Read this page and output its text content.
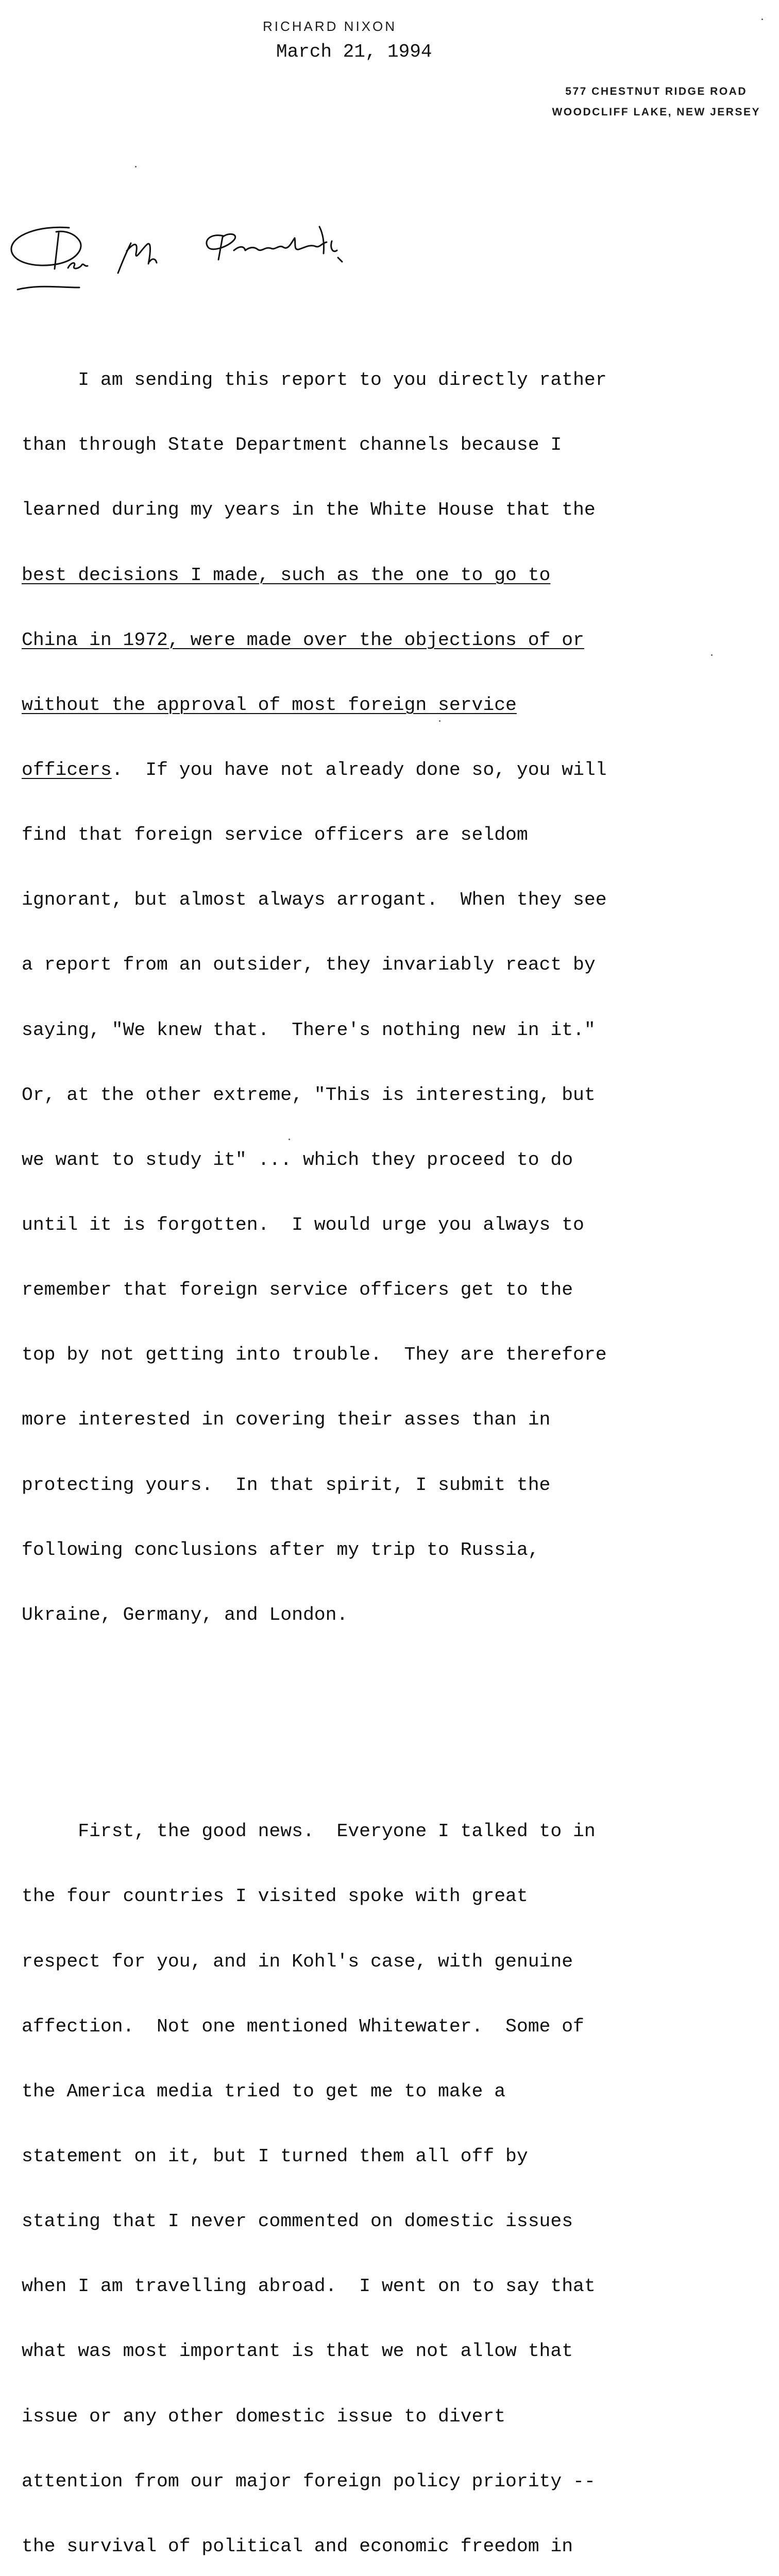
RICHARD NIXON
March 21, 1994
577 CHESTNUT RIDGE ROAD
WOODCLIFF LAKE, NEW JERSEY

I am sending this report to you directly rather

than through State Department channels because I

learned during my years in the White House that the

best decisions I made, such as the one to go to

China in 1972, were made over the objections of or

without the approval of most foreign service

officers.  If you have not already done so, you will

find that foreign service officers are seldom

ignorant, but almost always arrogant.  When they see

a report from an outsider, they invariably react by

saying, "We knew that.  There's nothing new in it."

Or, at the other extreme, "This is interesting, but

we want to study it" ... which they proceed to do

until it is forgotten.  I would urge you always to

remember that foreign service officers get to the

top by not getting into trouble.  They are therefore

more interested in covering their asses than in

protecting yours.  In that spirit, I submit the

following conclusions after my trip to Russia,

Ukraine, Germany, and London.

First, the good news.  Everyone I talked to in

the four countries I visited spoke with great

respect for you, and in Kohl's case, with genuine

affection.  Not one mentioned Whitewater.  Some of

the America media tried to get me to make a

statement on it, but I turned them all off by

stating that I never commented on domestic issues

when I am travelling abroad.  I went on to say that

what was most important is that we not allow that

issue or any other domestic issue to divert

attention from our major foreign policy priority --

the survival of political and economic freedom in
